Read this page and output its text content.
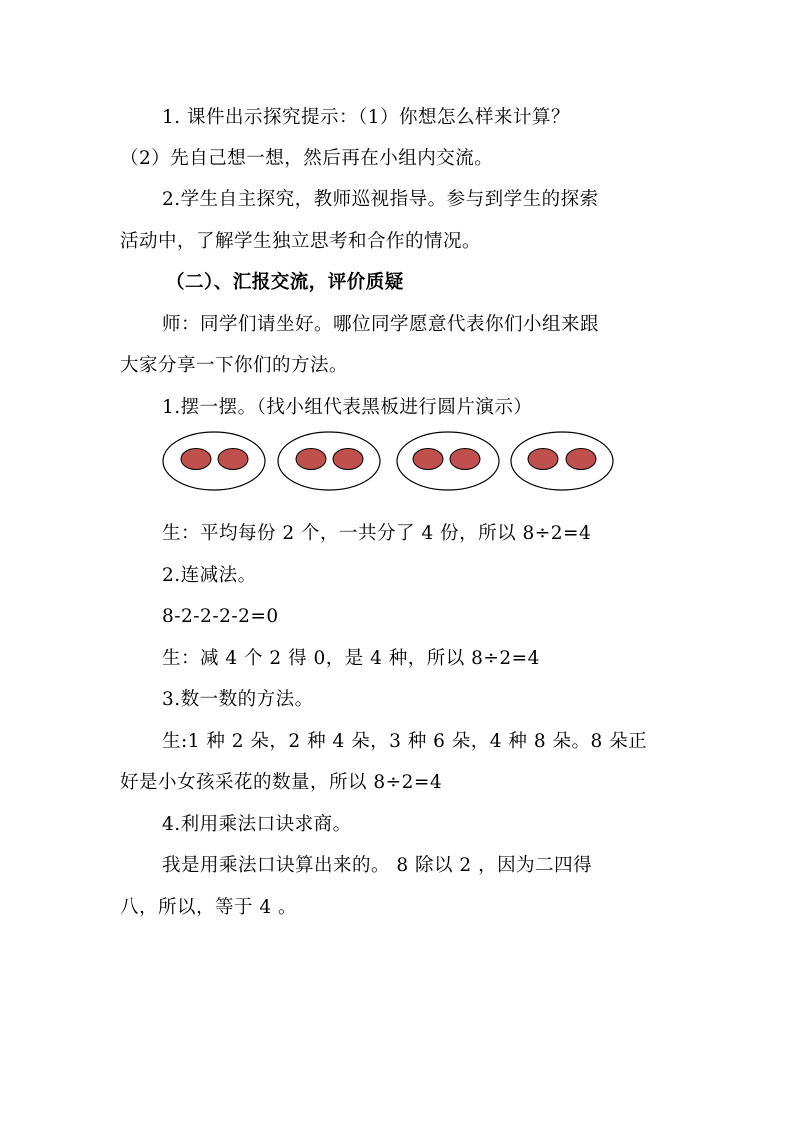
1. 课件出示探究提示：（1）你想怎么样来计算？
（2）先自己想一想，然后再在小组内交流。
2.学生自主探究，教师巡视指导。参与到学生的探索
活动中，了解学生独立思考和合作的情况。
（二）、汇报交流，评价质疑
师：同学们请坐好。哪位同学愿意代表你们小组来跟
大家分享一下你们的方法。
1.摆一摆。（找小组代表黑板进行圆片演示）
生：平均每份 2 个，一共分了 4 份，所以 8÷2=4
2.连减法。
8-2-2-2-2=0
生：减 4 个 2 得 0，是 4 种，所以 8÷2=4
3.数一数的方法。
生:1 种 2 朵，2 种 4 朵，3 种 6 朵，4 种 8 朵。8 朵正
好是小女孩采花的数量，所以 8÷2=4
4.利用乘法口诀求商。
我是用乘法口诀算出来的。 8 除以 2 ，因为二四得
八，所以，等于 4 。
